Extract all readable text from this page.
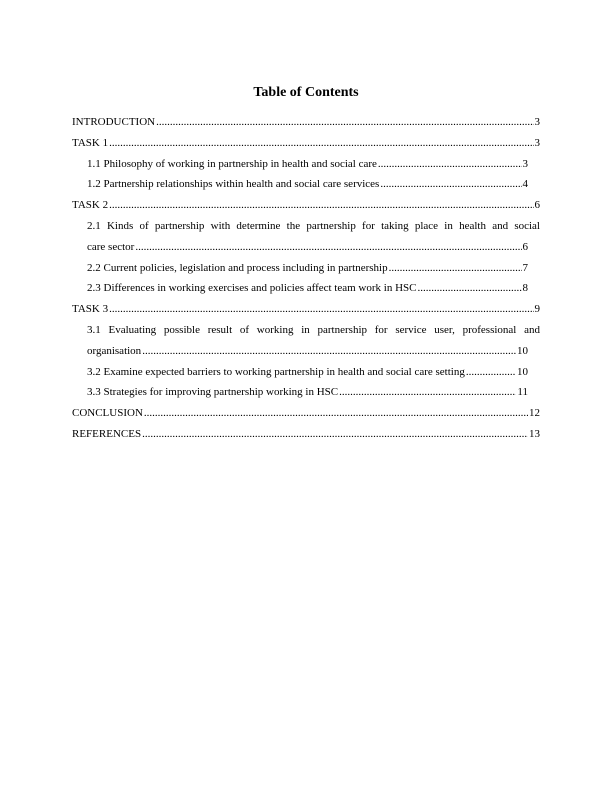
Table of Contents
INTRODUCTION .....	3
TASK 1 .....	3
1.1 Philosophy of working in partnership in health and social care .....	3
1.2 Partnership relationships within health and social care services .....	4
TASK 2 .....	6
2.1 Kinds of partnership with determine the partnership for taking place in health and social
care sector .....	6
2.2 Current policies, legislation and process including in partnership .....	7
2.3 Differences in working exercises and policies affect team work in HSC .....	8
TASK 3 .....	9
3.1 Evaluating possible result of working in partnership for service user, professional and
organisation .....	10
3.2 Examine expected barriers to working partnership in health and social care setting .....	10
3.3 Strategies for improving partnership working in HSC .....	11
CONCLUSION .....	12
REFERENCES .....	13
